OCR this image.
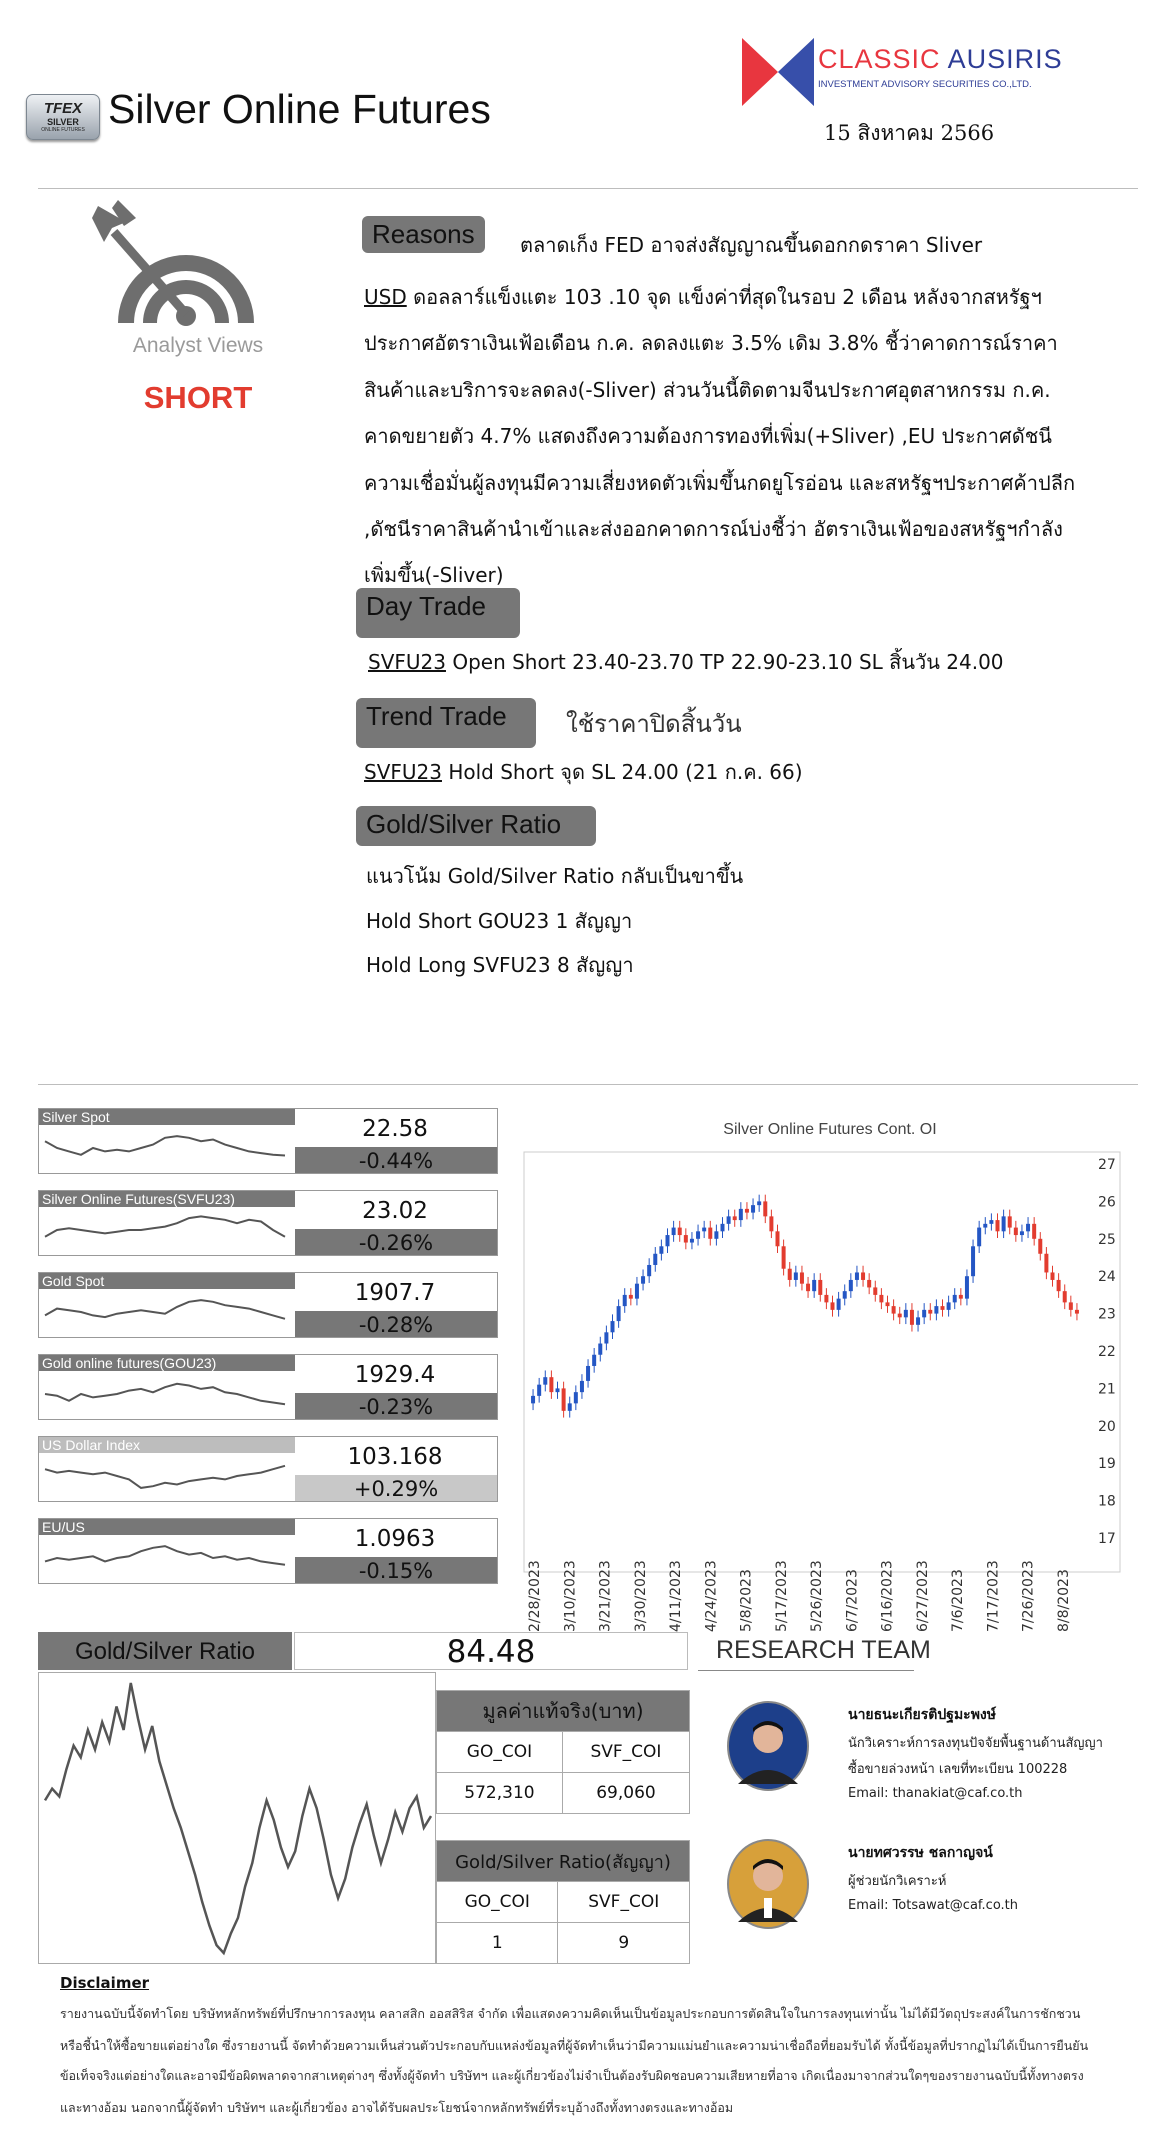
TFEX
SILVER
ONLINE FUTURES Silver Online Futures
CLASSIC AUSIRIS
INVESTMENT ADVISORY SECURITIES CO.,LTD.
15 สิงหาคม 2566
Analyst Views
SHORT
Reasons	ตลาดเก็ง FED อาจส่งสัญญาณขึ้นดอกกดราคา Sliver
USD ดอลลาร์แข็งแตะ 103 .10 จุด แข็งค่าที่สุดในรอบ 2 เดือน หลังจากสหรัฐฯ
ประกาศอัตราเงินเฟ้อเดือน ก.ค. ลดลงแตะ 3.5% เดิม 3.8% ชี้ว่าคาดการณ์ราคา
สินค้าและบริการจะลดลง(-Sliver) ส่วนวันนี้ติดตามจีนประกาศอุตสาหกรรม ก.ค.
คาดขยายตัว 4.7% แสดงถึงความต้องการทองที่เพิ่ม(+Sliver) ,EU ประกาศดัชนี
ความเชื่อมั่นผู้ลงทุนมีความเสี่ยงหดตัวเพิ่มขึ้นกดยูโรอ่อน และสหรัฐฯประกาศค้าปลีก
,ดัชนีราคาสินค้านำเข้าและส่งออกคาดการณ์บ่งชี้ว่า อัตราเงินเฟ้อของสหรัฐฯกำลัง
เพิ่มขึ้น(-Sliver)
Day Trade
SVFU23 Open Short 23.40-23.70 TP 22.90-23.10 SL สิ้นวัน 24.00
Trend Trade	ใช้ราคาปิดสิ้นวัน
SVFU23 Hold Short จุด SL 24.00 (21 ก.ค. 66)
Gold/Silver Ratio
แนวโน้ม Gold/Silver Ratio กลับเป็นขาขึ้น
Hold Short GOU23 1 สัญญา
Hold Long SVFU23 8 สัญญา
Silver Spot	22.58
-0.44%
Silver Online Futures(SVFU23)	23.02
-0.26%
Gold Spot	1907.7
-0.28%
Gold online futures(GOU23)	1929.4
-0.23%
US Dollar Index	103.168
+0.29%
EU/US	1.0963
-0.15%
Silver Online Futures Cont. OI
27
26
25
24
23
22
21
20
19
18
17
2/28/2023 3/10/2023 3/21/2023 3/30/2023 4/11/2023 4/24/2023 5/8/2023 5/17/2023 5/26/2023 6/7/2023 6/16/2023 6/27/2023 7/6/2023 7/17/2023 7/26/2023 8/8/2023
Gold/Silver Ratio	84.48	RESEARCH TEAM
มูลค่าแท้จริง(บาท)	
GO_COI	SVF_COI
572,310	69,060
Gold/Silver Ratio(สัญญา)	
GO_COI	SVF_COI
1	9
นายธนะเกียรติปฐมะพงษ์
นักวิเคราะห์การลงทุนปัจจัยพื้นฐานด้านสัญญา
ซื้อขายล่วงหน้า เลขที่ทะเบียน 100228
Email: thanakiat@caf.co.th
นายทศวรรษ ชลกาญจน์
ผู้ช่วยนักวิเคราะห์
Email: Totsawat@caf.co.th
Disclaimer
รายงานฉบับนี้จัดทำโดย บริษัทหลักทรัพย์ที่ปรึกษาการลงทุน คลาสสิก ออสสิริส จำกัด เพื่อแสดงความคิดเห็นเป็นข้อมูลประกอบการตัดสินใจในการลงทุนเท่านั้น ไม่ได้มีวัตถุประสงค์ในการชักชวน
หรือชี้นำให้ซื้อขายแต่อย่างใด ซึ่งรายงานนี้ จัดทำด้วยความเห็นส่วนตัวประกอบกับแหล่งข้อมูลที่ผู้จัดทำเห็นว่ามีความแม่นยำและความน่าเชื่อถือที่ยอมรับได้ ทั้งนี้ข้อมูลที่ปรากฏไม่ได้เป็นการยืนยัน
ข้อเท็จจริงแต่อย่างใดและอาจมีข้อผิดพลาดจากสาเหตุต่างๆ ซึ่งทั้งผู้จัดทำ บริษัทฯ และผู้เกี่ยวข้องไม่จำเป็นต้องรับผิดชอบความเสียหายที่อาจ เกิดเนื่องมาจากส่วนใดๆของรายงานฉบับนี้ทั้งทางตรง
และทางอ้อม นอกจากนี้ผู้จัดทำ บริษัทฯ และผู้เกี่ยวข้อง อาจได้รับผลประโยชน์จากหลักทรัพย์ที่ระบุอ้างถึงทั้งทางตรงและทางอ้อม
